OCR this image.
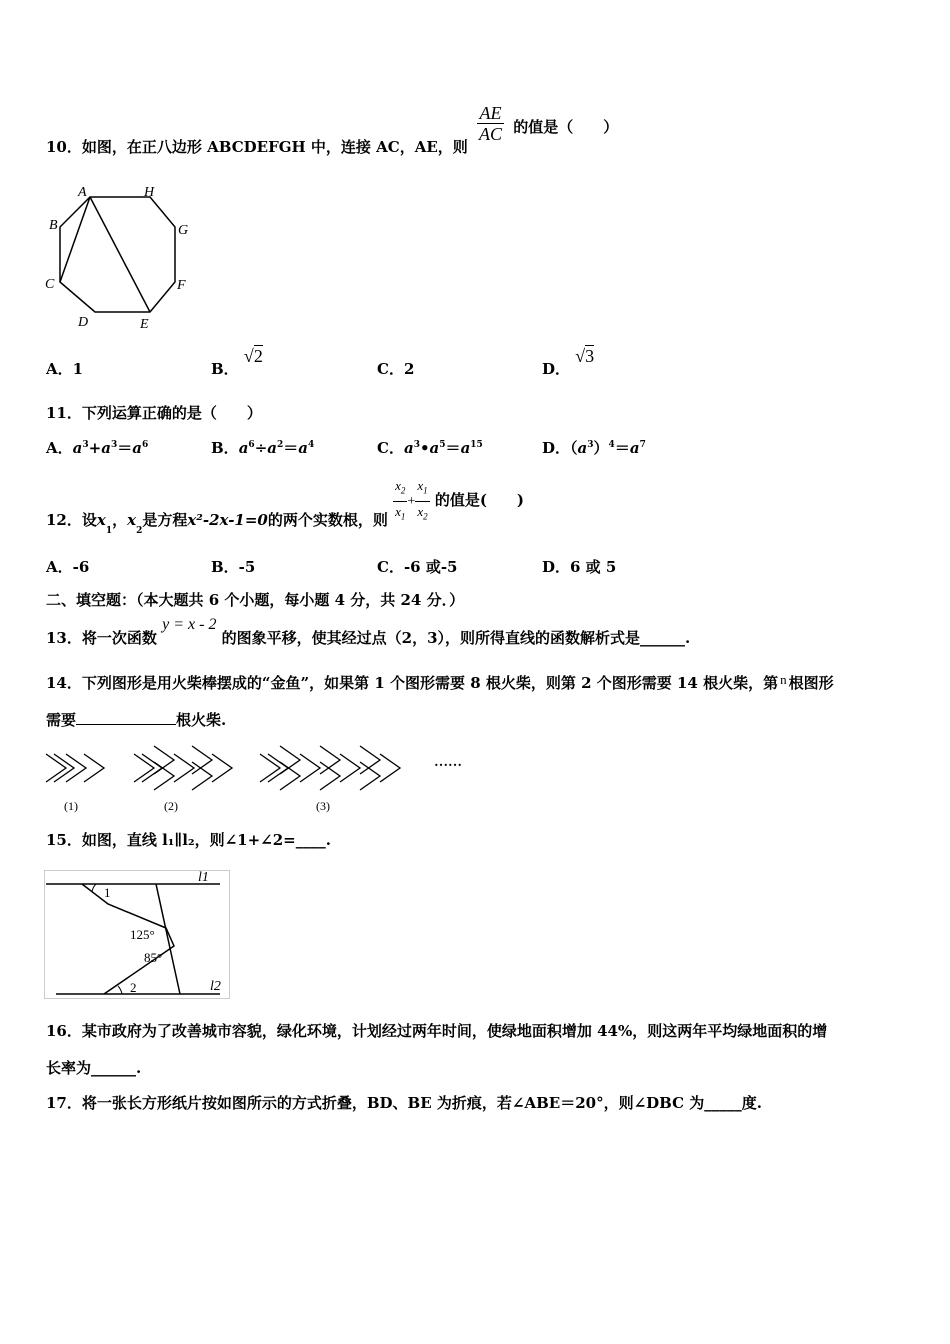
10．如图，在正八边形 ABCDEFGH 中，连接 AC，AE，则
$\frac{AE}{AC}$ 的值是（　　）
A	H
G
B
F
C
D	E
A．1	B． √2
C．2	D． √3
11．下列运算正确的是（　　）
A．$a^3+a^3=a^6$	B．$a^6\div a^2=a^4$	C．$a^3•a^5=a^{15}$	D．$(a^3)^4=a^7$
12．设$x_1$，$x_2$是方程x²-2x-1=0的两个实数根，则 $\frac{x_2}{x_1} + \frac{x_1}{x_2}$ 的值是(　　)
A．-6	B．-5	C．-6 或-5	D．6 或 5
二、填空题：（本大题共 6 个小题，每小题 4 分，共 24 分．）
13．将一次函数 y = x - 2 的图象平移，使其经过点（2，3），则所得直线的函数解析式是______.
14．下列图形是用火柴棒摆成的“金鱼”，如果第 1 个图形需要 8 根火柴，则第 2 个图形需要 14 根火柴，第 n 根图形
需要	根火柴.
(1)	(2)	(3)
……
15．如图，直线 l₁∥l₂，则∠1+∠2=____.
l1
l2
1
2
125°
85°
16．某市政府为了改善城市容貌，绿化环境，计划经过两年时间，使绿地面积增加 44%，则这两年平均绿地面积的增
长率为______.
17．将一张长方形纸片按如图所示的方式折叠，BD、BE 为折痕，若∠ABE＝20°，则∠DBC 为_____度.
